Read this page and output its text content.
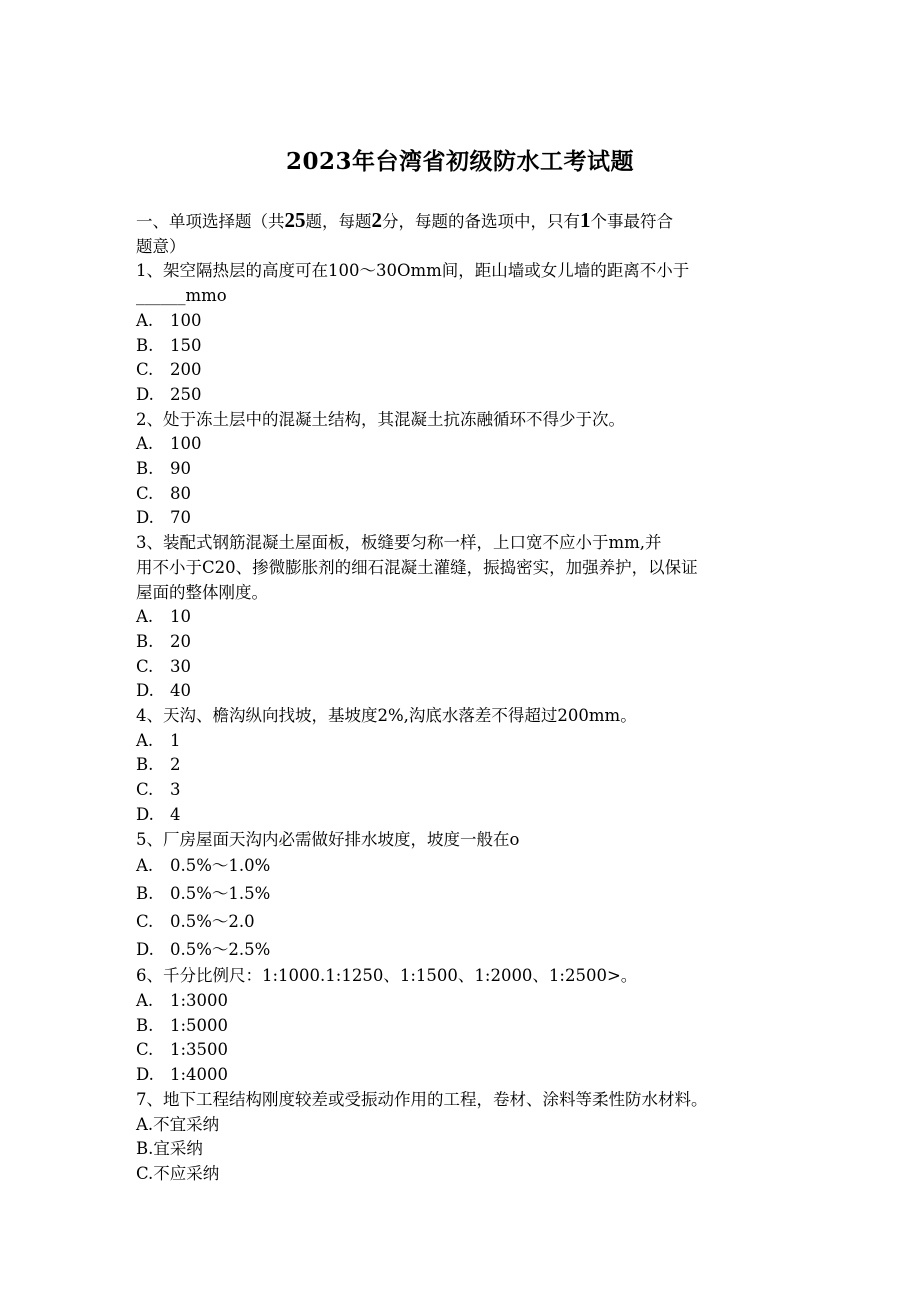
2023年台湾省初级防水工考试题
一、单项选择题（共25题，每题2分，每题的备选项中，只有1个事最符合
题意）
1、架空隔热层的高度可在100～30Omm间，距山墙或女儿墙的距离不小于
______mmo
A.	100
B.	150
C.	200
D. 250
2、处于冻土层中的混凝土结构，其混凝土抗冻融循环不得少于次。
A.	100
B.	90
C.	80
D. 70
3、装配式钢筋混凝土屋面板，板缝要匀称一样，上口宽不应小于mm,并
用不小于C20、掺微膨胀剂的细石混凝土灌缝，振捣密实，加强养护，以保证
屋面的整体刚度。
A.	10
B.	20
C.	30
D. 40
4、天沟、檐沟纵向找坡，基坡度2%,沟底水落差不得超过200mm。
A.	1
B.	2
C.	3
D. 4
5、厂房屋面天沟内必需做好排水坡度，坡度一般在o
A.	0.5%～1.0%
B.	0.5%～1.5%
C.	0.5%～2.0
D. 0.5%～2.5%
6、千分比例尺：1:1000.1:1250、1:1500、1:2000、1:2500>。
A.	1:3000
B.	1:5000
C.	1:3500
D. 1:4000
7、地下工程结构刚度较差或受振动作用的工程，卷材、涂料等柔性防水材料。
A. 不宜采纳
B. 宜采纳
C. 不应采纳
